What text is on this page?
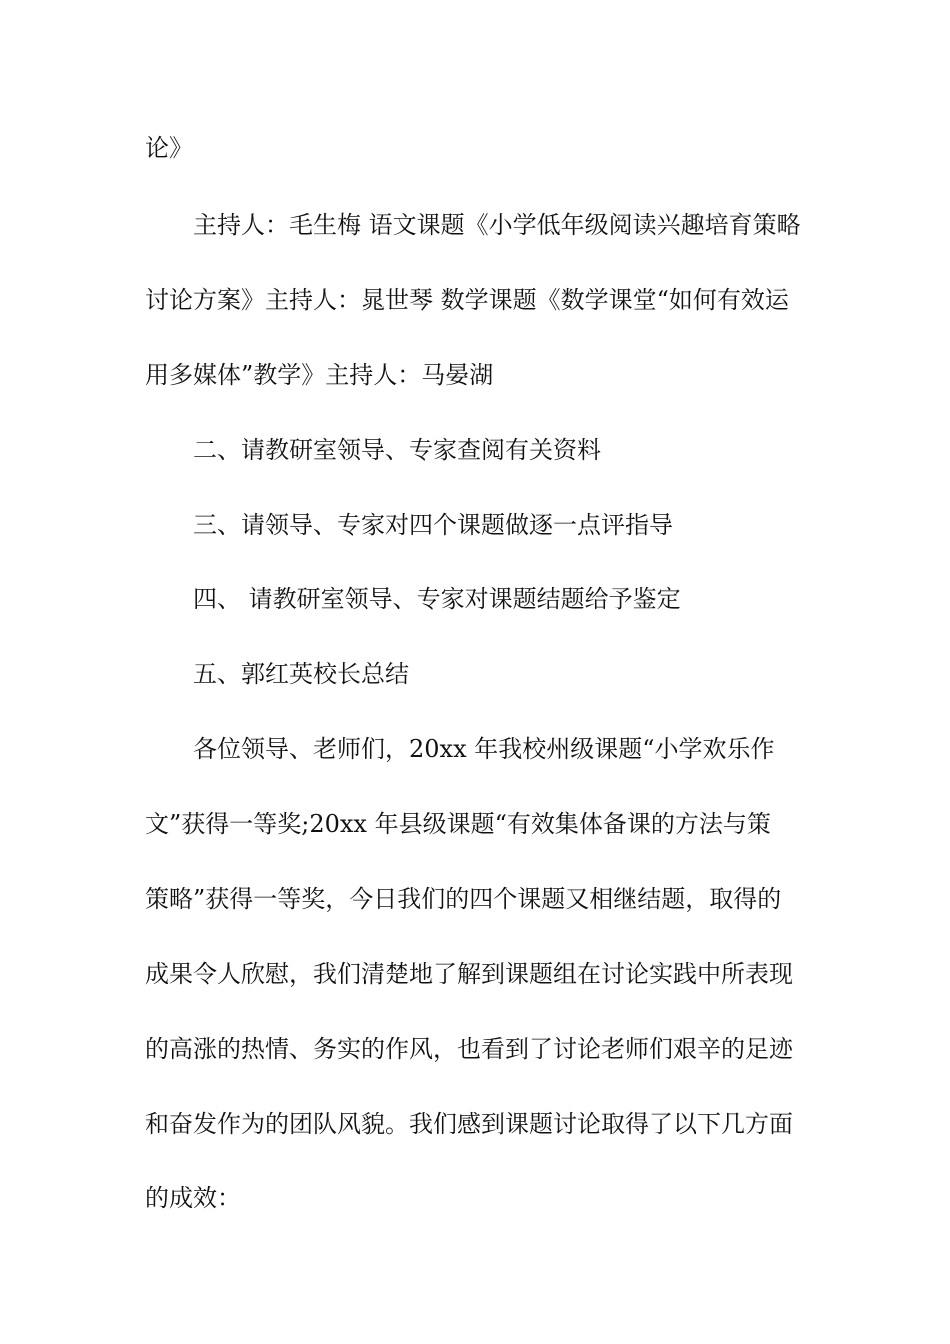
论》
主持人：毛生梅 语文课题《小学低年级阅读兴趣培育策略
讨论方案》主持人：晁世琴 数学课题《数学课堂“如何有效运
用多媒体”教学》主持人：马晏湖
二、请教研室领导、专家查阅有关资料
三、请领导、专家对四个课题做逐一点评指导
四、 请教研室领导、专家对课题结题给予鉴定
五、郭红英校长总结
各位领导、老师们，20xx 年我校州级课题“小学欢乐作
文”获得一等奖;20xx 年县级课题“有效集体备课的方法与策
策略”获得一等奖，今日我们的四个课题又相继结题，取得的
成果令人欣慰，我们清楚地了解到课题组在讨论实践中所表现
的高涨的热情、务实的作风，也看到了讨论老师们艰辛的足迹
和奋发作为的团队风貌。我们感到课题讨论取得了以下几方面
的成效：
